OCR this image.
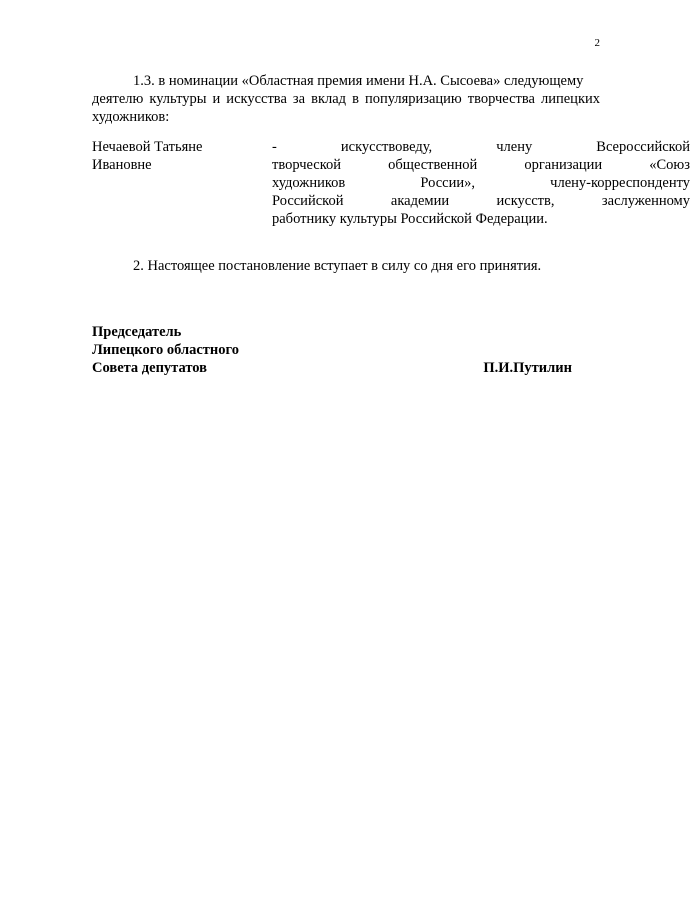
2
1.3. в номинации «Областная премия имени Н.А. Сысоева» следующему
деятелю культуры и искусства за вклад в популяризацию творчества липецких
художников:
Нечаевой Татьяне
Ивановне
- искусствоведу, члену Всероссийской
творческой общественной организации «Союз
художников России», члену-корреспонденту
Российской академии искусств, заслуженному
работнику культуры Российской Федерации.
2. Настоящее постановление вступает в силу со дня его принятия.
Председатель
Липецкого областного
Совета депутатов	П.И.Путилин
